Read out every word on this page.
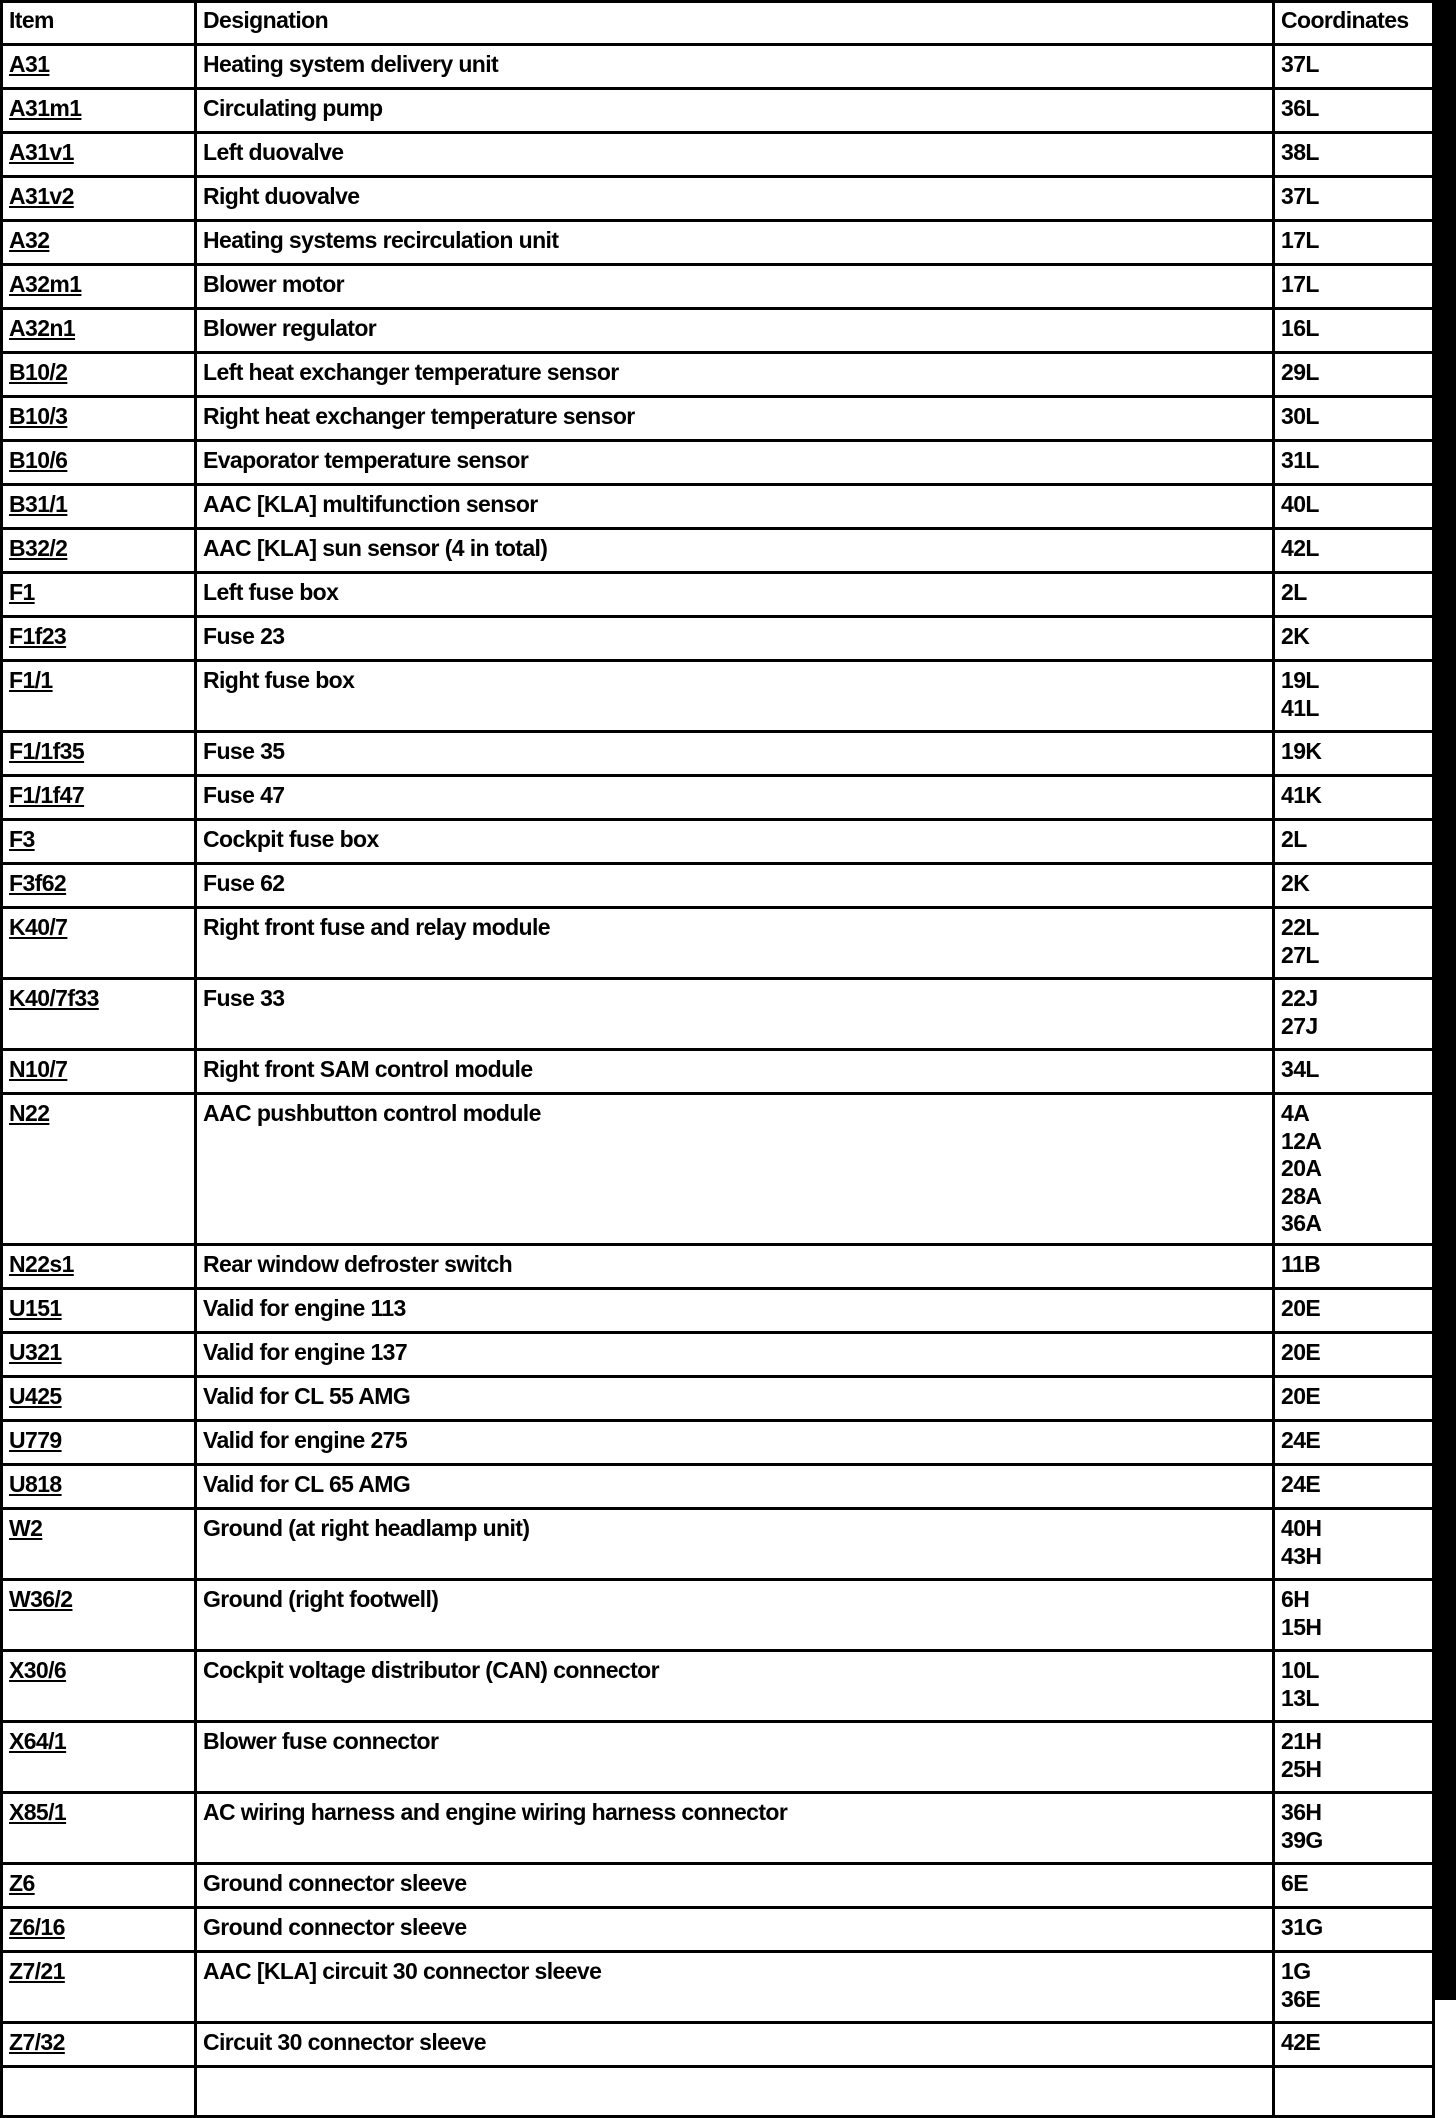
Item	Designation	Coordinates
A31	Heating system delivery unit	37L

A31m1	Circulating pump	36L

A31v1	Left duovalve	38L

A31v2	Right duovalve	37L

A32	Heating systems recirculation unit	17L

A32m1	Blower motor	17L

A32n1	Blower regulator	16L

B10/2	Left heat exchanger temperature sensor	29L

B10/3	Right heat exchanger temperature sensor	30L

B10/6	Evaporator temperature sensor	31L

B31/1	AAC [KLA] multifunction sensor	40L

B32/2	AAC [KLA] sun sensor (4 in total)	42L

F1	Left fuse box	2L

F1f23	Fuse 23	2K

F1/1	Right fuse box	19L
41L

F1/1f35	Fuse 35	19K

F1/1f47	Fuse 47	41K

F3	Cockpit fuse box	2L

F3f62	Fuse 62	2K

K40/7	Right front fuse and relay module	22L
27L

K40/7f33	Fuse 33	22J
27J

N10/7	Right front SAM control module	34L

N22	AAC pushbutton control module	4A
12A
20A
28A
36A

N22s1	Rear window defroster switch	11B

U151	Valid for engine 113	20E

U321	Valid for engine 137	20E

U425	Valid for CL 55 AMG	20E

U779	Valid for engine 275	24E

U818	Valid for CL 65 AMG	24E

W2	Ground (at right headlamp unit)	40H
43H

W36/2	Ground (right footwell)	6H
15H

X30/6	Cockpit voltage distributor (CAN) connector	10L
13L

X64/1	Blower fuse connector	21H
25H

X85/1	AC wiring harness and engine wiring harness connector	36H
39G

Z6	Ground connector sleeve	6E

Z6/16	Ground connector sleeve	31G

Z7/21	AAC [KLA] circuit 30 connector sleeve	1G
36E

Z7/32	Circuit 30 connector sleeve	42E
